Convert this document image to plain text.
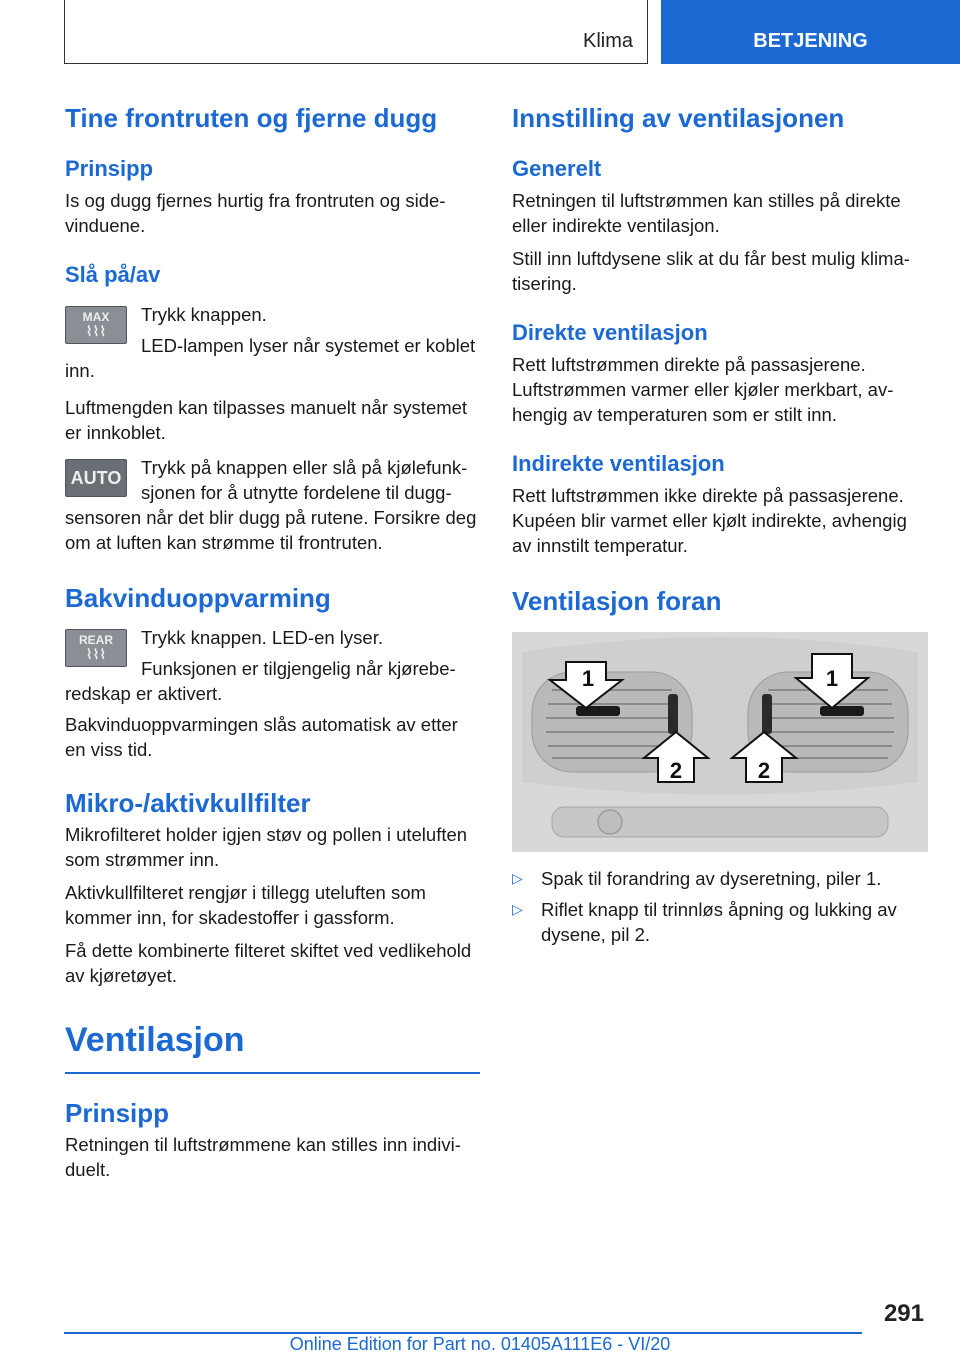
Klima	BETJENING
Tine frontruten og fjerne dugg
Prinsipp

Is og dugg fjernes hurtig fra frontruten og sidevinduene.

Slå på/av
MAX
⌇⌇⌇

Trykk knappen.

LED-lampen lyser når systemet er koblet inn.

Luftmengden kan tilpasses manuelt når systemet er innkoblet.

AUTO	Trykk på knappen eller slå på kjølefunksjonen for å utnytte fordelene til duggsensoren når det blir dugg på rutene. Forsikre deg om at luften kan strømme til frontruten.

Bakvinduoppvarming
REAR
⌇⌇⌇

Trykk knappen. LED-en lyser.

Funksjonen er tilgjengelig når kjøreberedskap er aktivert.

Bakvinduoppvarmingen slås automatisk av etter en viss tid.

Mikro-/aktivkullfilter

Mikrofilteret holder igjen støv og pollen i uteluften som strømmer inn.

Aktivkullfilteret rengjør i tillegg uteluften som kommer inn, for skadestoffer i gassform.

Få dette kombinerte filteret skiftet ved vedlikehold av kjøretøyet.

Ventilasjon
Prinsipp

Retningen til luftstrømmene kan stilles inn individuelt.

Innstilling av ventilasjonen
Generelt

Retningen til luftstrømmen kan stilles på direkte eller indirekte ventilasjon.

Still inn luftdysene slik at du får best mulig klimatisering.

Direkte ventilasjon

Rett luftstrømmen direkte på passasjerene. Luftstrømmen varmer eller kjøler merkbart, avhengig av temperaturen som er stilt inn.

Indirekte ventilasjon

Rett luftstrømmen ikke direkte på passasjerene. Kupéen blir varmet eller kjølt indirekte, avhengig av innstilt temperatur.

Ventilasjon foran
1	1
2	2
▷ Spak til forandring av dyseretning, piler 1.
▷ Riflet knapp til trinnløs åpning og lukking av dysene, pil 2.
291
Online Edition for Part no. 01405A111E6 - VI/20
